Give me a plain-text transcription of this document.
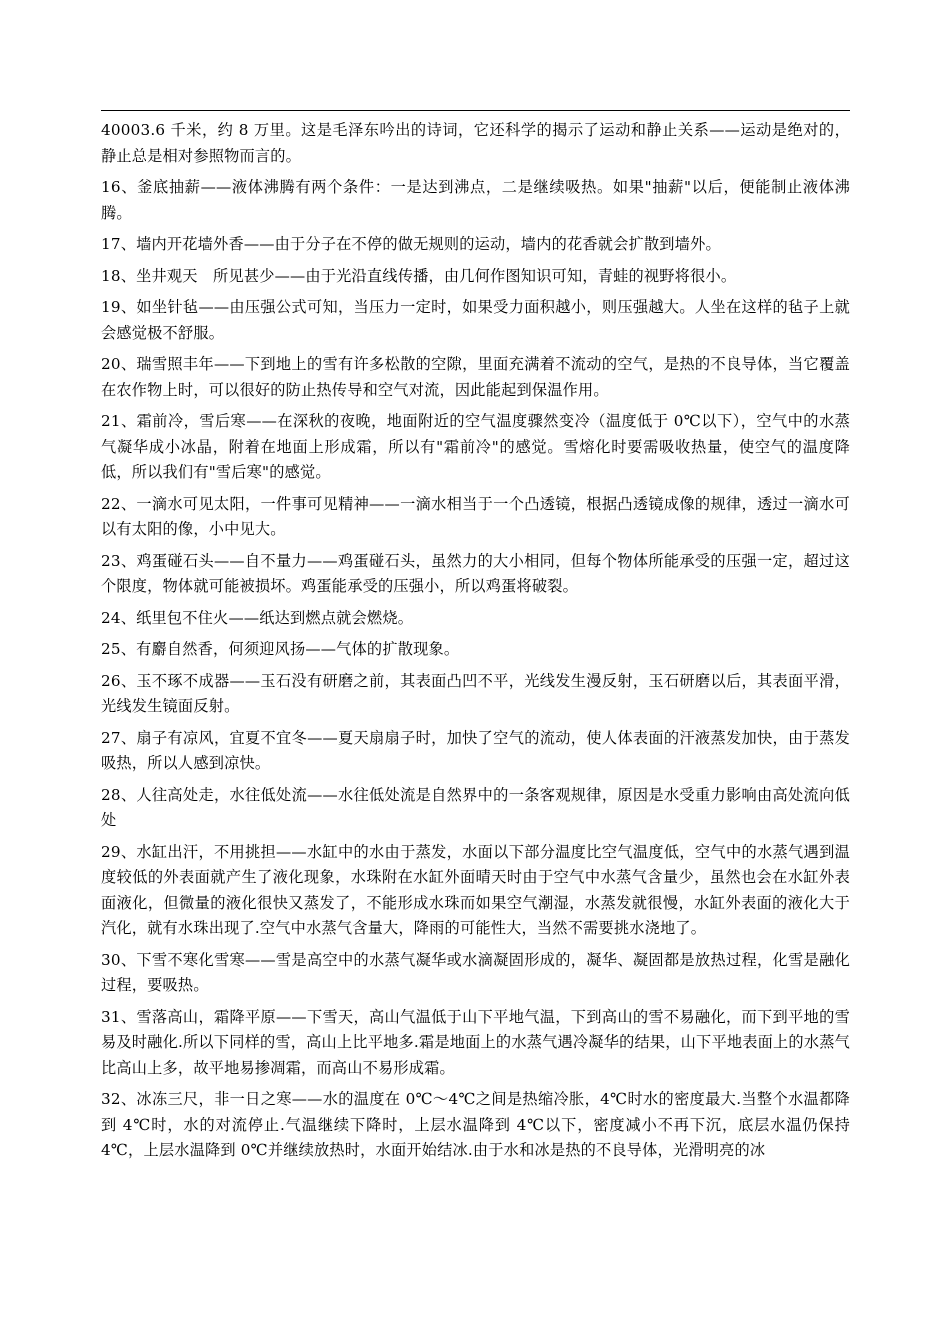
40003.6 千米，约 8 万里。这是毛泽东吟出的诗词，它还科学的揭示了运动和静止关系——运动是绝对的，静止总是相对参照物而言的。

16、釜底抽薪——液体沸腾有两个条件：一是达到沸点，二是继续吸热。如果"抽薪"以后，便能制止液体沸腾。

17、墙内开花墙外香——由于分子在不停的做无规则的运动，墙内的花香就会扩散到墙外。

18、坐井观天　所见甚少——由于光沿直线传播，由几何作图知识可知，青蛙的视野将很小。

19、如坐针毡——由压强公式可知，当压力一定时，如果受力面积越小，则压强越大。人坐在这样的毡子上就会感觉极不舒服。

20、瑞雪照丰年——下到地上的雪有许多松散的空隙，里面充满着不流动的空气，是热的不良导体，当它覆盖在农作物上时，可以很好的防止热传导和空气对流，因此能起到保温作用。

21、霜前冷，雪后寒——在深秋的夜晚，地面附近的空气温度骤然变冷（温度低于 0℃以下），空气中的水蒸气凝华成小冰晶，附着在地面上形成霜，所以有"霜前冷"的感觉。雪熔化时要需吸收热量，使空气的温度降低，所以我们有"雪后寒"的感觉。

22、一滴水可见太阳，一件事可见精神——一滴水相当于一个凸透镜，根据凸透镜成像的规律，透过一滴水可以有太阳的像，小中见大。

23、鸡蛋碰石头——自不量力——鸡蛋碰石头，虽然力的大小相同，但每个物体所能承受的压强一定，超过这个限度，物体就可能被损坏。鸡蛋能承受的压强小，所以鸡蛋将破裂。

24、纸里包不住火——纸达到燃点就会燃烧。

25、有麝自然香，何须迎风扬——气体的扩散现象。

26、玉不琢不成器——玉石没有研磨之前，其表面凸凹不平，光线发生漫反射，玉石研磨以后，其表面平滑，光线发生镜面反射。

27、扇子有凉风，宜夏不宜冬——夏天扇扇子时，加快了空气的流动，使人体表面的汗液蒸发加快，由于蒸发吸热，所以人感到凉快。

28、人往高处走，水往低处流——水往低处流是自然界中的一条客观规律，原因是水受重力影响由高处流向低处

29、水缸出汗，不用挑担——水缸中的水由于蒸发，水面以下部分温度比空气温度低，空气中的水蒸气遇到温度较低的外表面就产生了液化现象，水珠附在水缸外面晴天时由于空气中水蒸气含量少，虽然也会在水缸外表面液化，但微量的液化很快又蒸发了，不能形成水珠而如果空气潮湿，水蒸发就很慢，水缸外表面的液化大于汽化，就有水珠出现了.空气中水蒸气含量大，降雨的可能性大，当然不需要挑水浇地了。

30、下雪不寒化雪寒——雪是高空中的水蒸气凝华或水滴凝固形成的，凝华、凝固都是放热过程，化雪是融化过程，要吸热。

31、雪落高山，霜降平原——下雪天，高山气温低于山下平地气温，下到高山的雪不易融化，而下到平地的雪易及时融化.所以下同样的雪，高山上比平地多.霜是地面上的水蒸气遇冷凝华的结果，山下平地表面上的水蒸气比高山上多，故平地易掺凋霜，而高山不易形成霜。

32、冰冻三尺，非一日之寒——水的温度在 0℃～4℃之间是热缩冷胀，4℃时水的密度最大.当整个水温都降到 4℃时，水的对流停止.气温继续下降时，上层水温降到 4℃以下，密度减小不再下沉，底层水温仍保持 4℃，上层水温降到 0℃并继续放热时，水面开始结冰.由于水和冰是热的不良导体，光滑明亮的冰
